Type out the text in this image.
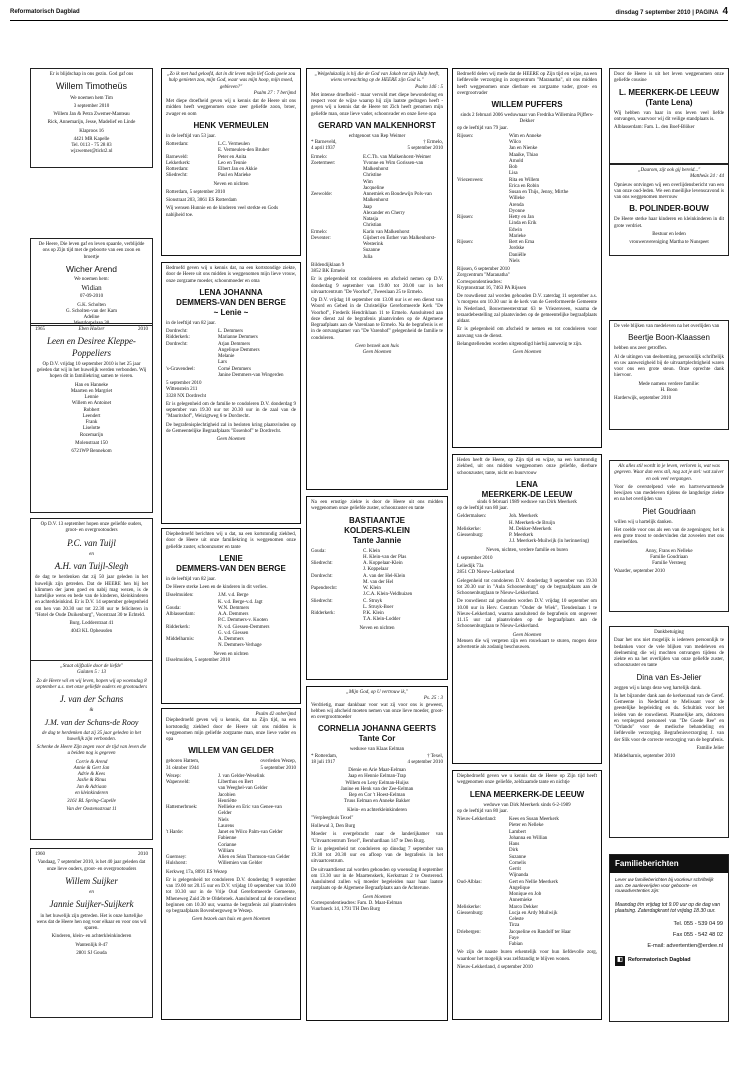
Reformatorisch Dagblad	dinsdag 7 september 2010 | PAGINA 4
Er is blijdschap in ons gezin. God gaf ons
Willem Timotheüs
We noemen hem Tim
3 september 2010
Willem Jan & Petra Zwemer-Manteau
Rick, Annemarijn, Jesse, Madelief en Linde
Klaproos 16
4421 MR Kapelle
Tel. 0113 - 75 28 83
wjzwemer@tickt2.nl
De Heere, Die leven gaf en leven spaarde, verblijdde ons op Zijn tijd met de geboorte van een zoon en broertje
Wicher Arend
We noemen hem:
Widian
07-09-2010
G.K. Scholten
G. Scholten-van der Kam
Adeline
Westdorpslaan 30
1965	Eben Haëzer	2010
Leen en Desiree Kleppe-
Poppeliers
Op D.V. vrijdag 10 september 2010 is het 25 jaar geleden dat wij in het huwelijk werden verbonden. Wij hopen dit in familiekring samen te vieren.
Han en Hanneke
Maarten en Margriet
Lennie
Willem en Antoinet
Robbert
Leendert
Frank
Liselotte
Rozemarijn
Molenstraat 150
6721WP Bennekom
Op D.V. 13 september hopen onze geliefde ouders, groot- en overgrootouders
P.C. van Tuijl
en
A.H. van Tuijl-Slegh
de dag te herdenken dat zij 50 jaar geleden in het huwelijk zijn getreden. Dat de HEERE hen bij het klimmen der jaren goed en nabij mag wezen, is de hartelijke wens en bede van de kinderen, kleinkinderen en achterkleinkind. Er is D.V. 14 september gelegenheid om hen van 20.30 uur tot 22.30 uur te feliciteren in "Hotel de Oude Duikenburg", Voorstraat 30 te Echteld.
Burg. Lodderstraat 41
4043 KL Opheusden
„Staat olijfzalie door de liefde"
Galaten 5 : 13
Zo de Heere wil en wij leven, hopen wij op woensdag 8 september a.s. met onze geliefde ouders en grootouders
J. van der Schans
&
J.M. van der Schans-de Rooy
de dag te herdenken dat zij 35 jaar geleden in het huwelijk zijn verbonden.
Schenke de Heere Zijn zegen voor de tijd van leven die u beiden nog is gegeven
Corrie & Arend
Annie & Gert Jan
Adrie & Kees
Jaslie & Rinus
Jan & Adriaan
en kleinkinderen
3161 BL Spring-Capelle
Van der Oostensstraat 11
1960	2010
Vandaag, 7 september 2010, is het 40 jaar geleden dat onze lieve ouders, groot- en overgrootouders
Willem Suijker
en
Jannie Suijker-Suijkerk
in het huwelijk zijn getreden. Het is onze hartelijke wens dat de Heere hen nog voor elkaar en voor ons wil sparen.
Kinderen, klein- en achterkleinkinderen
Wantenlijk 8-47
2801 SJ Gouda
„Zo ik met had geloofd, dat in dit leven mijn lief Gods goeie zou hulp genieten zou, mijn God, waar was mijn hoop, mijn moed, gebleven?"
Psalm 27 : 7 berijmd
Met diepe droefheid geven wij u kennis dat de Heere uit ons midden heeft weggenomen onze zeer geliefde zoon, broer, zwager en oom
HENK VERMEULEN
in de leeftijd van 53 jaar.
Rotterdam:	L.C. Vermeulen
E. Vermeulen-den Bruber
Barneveld:	Peter en Anita
Lekkerkerk:	Leo en Teunie
Rotterdam:	Elbert Jan en Akkie
Sliedrecht:	Paul en Marieke
Neven en nichten
Rotterdam, 5 september 2010
Sionstraat 203, 3061 ES Rotterdam
Wij wensen Hunnie en de kinderen veel sterkte en Gods nabijheid toe.
Bedroefd geven wij u kennis dat, na een kortstondige ziekte, door de Heere uit ons midden is weggenomen mijn lieve vrouw, onze zorgzame moeder, schoonmoeder en oma
LENA JOHANNA
DEMMERS-VAN DEN BERGE
~ Lenie ~
in de leeftijd van 82 jaar.
Dordrecht:	L. Demmers
Ridderkerk:	Marianne Demmers
Dordrecht:	Arjan Demmers
Angelique Demmers
Melanie
Lars
's-Gravendeel:	Corné Demmers
Janine Demmers-van Wingerden
5 september 2010
Wittenstein 211
3328 NX Dordrecht
Er is gelegenheid om de familie te condoleren D.V. donderdag 9 september van 19.30 uur tot 20.30 uur in de zaal van de "Mauritshof", Weizigtweg 6 te Dordrecht.
De begrafenisplechtigheid zal in besloten kring plaatsvinden op de Gemeentelijke Begraafplaats "Essenhof" te Dordrecht.
Geen bloemen
Diepbedroefd berichten wij u dat, na een kortstondig ziekbed, door de Heere uit onze familiekring is weggenomen onze geliefde zuster, schoonzuster en tante
LENIE
DEMMERS-VAN DEN BERGE
in de leeftijd van 82 jaar.
De Heere sterke Leen en de kinderen in dit verlies.
IJsselmuiden:	J.M. v.d. Berge
K. v.d. Berge-v.d. Jagt
Gouda:	W.N. Demmers
Alblasserdam:	A.A. Demmers
P.C. Demmers-v. Kooten
Ridderkerk:	N. v.d. Giessen-Demmers
G. v.d. Giessen
Middelharnis:	A. Demmers
N. Demmers-Verhage
Neven en nichten
IJsselmuiden, 5 september 2010
Psalm 42 onberijmd
Diepbedroefd geven wij u kennis, dat na Zijn tijd, na een kortstondig ziekbed door de Heere uit ons midden is weggenomen mijn geliefde zorgzame man, onze lieve vader en opa
WILLEM VAN GELDER
geboren Hattem,	overleden Wezep,
31 oktober 1944	5 september 2010
Wezep:	J. van Gelder-Weselink
Wapenveld:	Liberthus en Bert
van Weeghel-van Gelder
Jacobien
Henriëtte
Hattemerbroek:	Nellieke en Eric van Genee-van Gelder
Niels
Laurens
't Harde:	Janet en Wilco Palm-van Gelder
Fabienne
Corianne
William
Guernsey:	Alien en Séan Thomson-van Gelder
Hulshorst:	Willemien van Gelder
Kerkweg 17a, 8091 ES Wezep
Er is gelegenheid tot condoleren D.V. donderdag 9 september van 19.00 tot 20.15 uur en D.V. vrijdag 10 september van 10.00 tot 10.30 uur in de Vrije Oud Gereformeerde Gemeente, Mheneweg Zuid 2b te Oldebroek. Aansluitend zal de rouwdienst beginnen om 10.30 uur, waarna de begrafenis zal plaatsvinden op begraafplaats Bovenbergsweg te Wezep.
Geen bezoek aan huis en geen bloemen
„Welgelukzalig is hij die de God van Jakob tot zijn Hulp heeft, wiens verwachting op de HEERE zijn God is."
Psalm 146 : 5
Met intense droefheid - maar vervuld met diepe bewondering en respect voor de wijze waarop hij zijn laatste gedragen heeft - geven wij u kennis dat de Heere tot Zich heeft genomen mijn geliefde man, onze lieve vader, schoonvader en onze lieve opa
GERARD VAN MALKENHORST
echtgenoot van Rep Weimer
* Barneveld,	† Ermelo,
4 april 1937	5 september 2010
Ermelo:	E.C.Th. van Malkenhorst-Weimer
Zoetermeer:	Yvonne en Wim Gorissen-van Malkenhorst
Christine
Wim
Jacqueline
Zeewolde:	Annemiek en Boudewijn Pols-van Malkenhorst
Jaap
Alexander en Cherry
Natasja
Christian
Ermelo:	Karin van Malkenhorst
Deventer:	Gijsbert en Esther van Malkenhorst-Westerink
Suzanne
Julia
Bildendijklaan 9
3852 BK Ermelo
Er is gelegenheid tot condoleren en afscheid nemen op D.V. donderdag 9 september van 19.00 tot 20.00 uur in het uitvaartcentrum "De Voorhof", Tweeslaan 25 te Ermelo.
Op D.V. vrijdag 10 september om 13.00 uur is er een dienst van Woord en Gebed in de Christelijke Gereformeerde Kerk "De Voorhof", Frederik Hendriklaan 11 te Ermelo. Aansluitend aan deze dienst zal de begrafenis plaatsvinden op de Algemene Begraafplaats aan de Varenlaan te Ermelo. Na de begrafenis is er in de ontvangkamer van "De Varenhof" gelegenheid de familie te condoleren.
Geen bezoek aan huis
Geen bloemen
Na een ernstige ziekte is door de Heere uit ons midden weggenomen onze geliefde zuster, schoonzuster en tante
BASTIAANTJE
KOLDERS-KLEIN
Tante Jannie
Gouda:	C. Klein
H. Klein-van der Plas
Sliedrecht:	A. Koppelaar-Klein
J. Koppelaar
Dordrecht:	A. van der Hel-Klein
M. van der Hel
Papendrecht:	W. Klein
J.C.A. Klein-Veldhuizen
Sliedrecht:	C. Struyk
L. Struyk-Boer
Ridderkerk:	P.K. Klein
T.A. Klein-Lodder
Neven en nichten
„Mijn God, op U vertrouw ik,"
Ps. 25 : 3
Verdrietig, maar dankbaar voor wat zij voor ons is geweest, hebben wij afscheid moeten nemen van onze lieve moeder, groot- en overgrootmoeder
CORNELIA JOHANNA GEERTS
Tante Cor
weduwe van Klaas Eelman
* Rotterdam,	† Texel,
18 juli 1917	4 september 2010
Dienie en Arie Maat-Eelman
Jaap en Hennie Eelman-Trap
Willem en Leny Eelman-Huijss
Janine en Henk van der Zee-Eelman
Bep en Cor 't Hoest-Eelman
Truus Eelman en Anneke Bakker
Klein- en achterkleinkinderen
"Verpleeghuis Texel"
Hollewal 3, Den Burg
Moeder is overgebracht naar de landerijkamer van "Uitvaartcentrum Texel", Bernhardlaan 147 te Den Burg.
Er is gelegenheid tot condoleren op dinsdag 7 september van 19.30 tot 20.30 uur en afloop van de begrafenis in het uitvaartcentrum.
De uitvaartdienst zal worden gehouden op woensdag 8 september om 13.30 uur in de Maartenskerk, Kerkstraat 2 te Oosterend. Aansluitend zullen wij moeder begeleiden naar haar laatste rustplaats op de Algemene Begraafplaats aan de Achterune.
Geen bloemen
Correspondentieadres: Fam. D. Maat-Eelman
Vuurbaeck 14, 1791 TH Den Burg
Bedroefd delen wij mede dat de HEERE op Zijn tijd en wijze, na een liefdevolle verzorging in zorgcentrum "Maranatha", uit ons midden heeft weggenomen onze dierbare en zorgzame vader, groot- en overgrootvader
WILLEM PUFFERS
sinds 2 februari 2006 weduwnaar van Fredrika Willemina Pijffers-Dekker
op de leeftijd van 79 jaar.
Rijssen:	Wim en Anneke
Wilco
Jan en Nienke
Maaike, Thiao
Arnold
Bob
Lisa
Vriezenveen:	Rita en Willem
Erica en Robin
Susan en Thijs, Jenny, Mirthe
Willeke
Arenda
Dyonne
Rijssen:	Hetty en Jan
Linda en Erik
Edwin
Marieke
Rijssen:	Bert en Erna
Jordske
Daniëlle
Niels
Rijssen, 6 september 2010
Zorgcentrum "Maranatha"
Correspondentieadres:
Kryptonstraat 16, 7463 PA Rijssen
De rouwdienst zal worden gehouden D.V. zaterdag 11 september a.s. 's morgens om 10.30 uur in de kerk van de Gereformeerde Gemeente in Nederland, Bouwmeesterstraat 63 te Vriezenveen, waarna de teraardebestelling zal plaatsvinden op de gemeentelijke begraafplaats aldaar.
Er is gelegenheid om afscheid te nemen en tot condoleren voor aanvang van de dienst.
Belangstellenden worden uitgenodigd hierbij aanwezig te zijn.
Geen bloemen
Heden heeft de Heere, op Zijn tijd en wijze, na een kortstondig ziekbed, uit ons midden weggenomen onze geliefde, dierbare schoonzuster, tante, nicht en buurvrouw
LENA
MEERKERK-DE LEEUW
sinds 6 februari 1989 weduwe van Dirk Meerkerk
op de leeftijd van 80 jaar.
Geldermalsen:	Joh. Meerkerk
H. Meerkerk-de Bruijn
Meliskerke:	M. Dekker-Meerkerk
Giessenburg:	P. Meerkerk
J.J. Meerkerk-Muilwijk (in herinnering)
Neven, nichten, verdere familie en buren
4 september 2010
Leliedijk 73a
2851 CD Nieuw-Lekkerland
Gelegenheid tot condoleren D.V. donderdag 9 september van 19.30 tot 20.30 uur in "Aula Schoonenburg" op de begraafplaats aan de Schoonenburglaan te Nieuw-Lekkerland.
De rouwdienst zal gehouden worden D.V. vrijdag 10 september om 10.00 uur in Herv. Centrum "Onder de Wiek", Tiendenlaan 1 te Nieuw-Lekkerland, waarna aansluitend de begrafenis om ongeveer 11.15 uur zal plaatsvinden op de begraafplaats aan de Schoonenburglaan te Nieuw-Lekkerland.
Geen bloemen
Mensen die wij vergeten zijn een rouwkaart te sturen, mogen deze advertentie als zodanig beschouwen.
Diepbedroefd geven we u kennis dat de Heere op Zijn tijd heeft weggenomen onze geliefde, zeldzaamde tante en nichtje
LENA MEERKERK-DE LEEUW
weduwe van Dirk Meerkerk sinds 6-2-1989
op de leeftijd van 80 jaar.
Nieuw-Lekkerland:	Kees en Susan Meerkerk
Pieter en Nelleke
Lambert
Johanna en Willian
Hans
Dirk
Suzanne
Cornelis
Gerrit
Wijnanda
Oud-Alblas:	Gert en Nellie Meerkerk
Angelique
Monique en Job
Annemieke
Meliskerke:	Marco Dekker
Giessenburg:	Lucja en Ardy Muilwijk
Celeste
Tirza
Driebergen:	Jacqueline en Randolf ter Haar
Faye
Fabian
We zijn de naaste buren erkentelijk voor hun liefdevolle zorg, waardoor het mogelijk was zelfstandig te blijven wonen.
Nieuw-Lekkerland, 4 september 2010
Door de Heere is uit het leven weggenomen onze geliefde cousine
L. MEERKERK-DE LEEUW
(Tante Lena)
Wij hebben van haar in ons leven veel liefde ontvangen, waarvoor wij dit veilige standplaats is.
Alblasserdam: Fam. L. den Boef-Blöker
„Daarom, zijt ook gij bereid..."
Mattheüs 24 : 44
Opnieuw ontvingen wij een overlijdensbericht van een van onze oud-leden. We een moeilijke levenscavond is van ons weggenomen mevrouw
B. POLINDER-BOUW
De Heere sterke haar kinderen en kleinkinderen in dit grote verdriet.
Bestuur en leden
vrouwenvereniging Martha te Nunspeet
De vele blijken van medeleven na het overlijden van
Beertje Boon-Klaassen
hebben ons zeer getroffen.
Al de uitingen van deelneming, persoonlijk schriftelijk en uw aanwezigheid bij de uitvaartplechtigheid waren voor ons een grote steun. Onze oprechte dank hiervoor.
Mede namens verdere familie:
H. Boon
Harderwijk, september 2010
Als alles stil wordt in je leven, verloren is, wat was gegeven. Waar dan eens stil, nog zat je stel: wat zuiver en ook veel vergangen.
Voor de overstelpend vele en hartverwarmende bewijzen van medeleven tijdens de langdurige ziekte en na het overlijden van
Piet Goudriaan
willen wij u hartelijk danken.
Het coelde voor ons als een van de zegeningen; het is een grote troost te ondervinden dat zoveelen met ons meeleefden.
Anny, Frans en Nelleke
Familie Goudriaan
Familie Versteeg
Waarder, september 2010
Dankbetuiging
Daar het ons niet mogelijk is iedereen persoonlijk te bedanken voor de vele blijken van medeleven en deelneming die wij mochten ontvangen tijdens de ziekte en na het overlijden van onze geliefde zuster, schoonzuster en tante
Dina van Es-Jelier
zeggen wij u langs deze weg hartelijk dank.
In het bijzonder dank aan de kerkenraad van de Geref. Gemeente in Nederland te Melissant voor de geestelijke begeleiding en ds. Schultink voor het leiden van de rouwdienst. Plaatselijke arts, doktoren en verplegend personeel van "De Goede Ree" en "Orlando" voor de medische behandeling en liefdevolle verzorging. Begrafenisverzorging J. van der Slik voor de correcte verzorging van de begrafenis.
Familie Jelier
Middelharnis, september 2010
Familieberichten
Lever uw familieberichten bij voorkeur schriftelijk aan. De aanleverijden voor geboorte- en rouwadvertenties zijn:
Maandag t/m vrijdag tot 9.00 uur op de dag van plaatsing. Zaterdagkrant tot vrijdag 18.30 uur.
Tel. 055 - 539 04 99
Fax 055 - 542 48 02
E-mail: advertentien@erdee.nl
◧ Reformatorisch Dagblad
